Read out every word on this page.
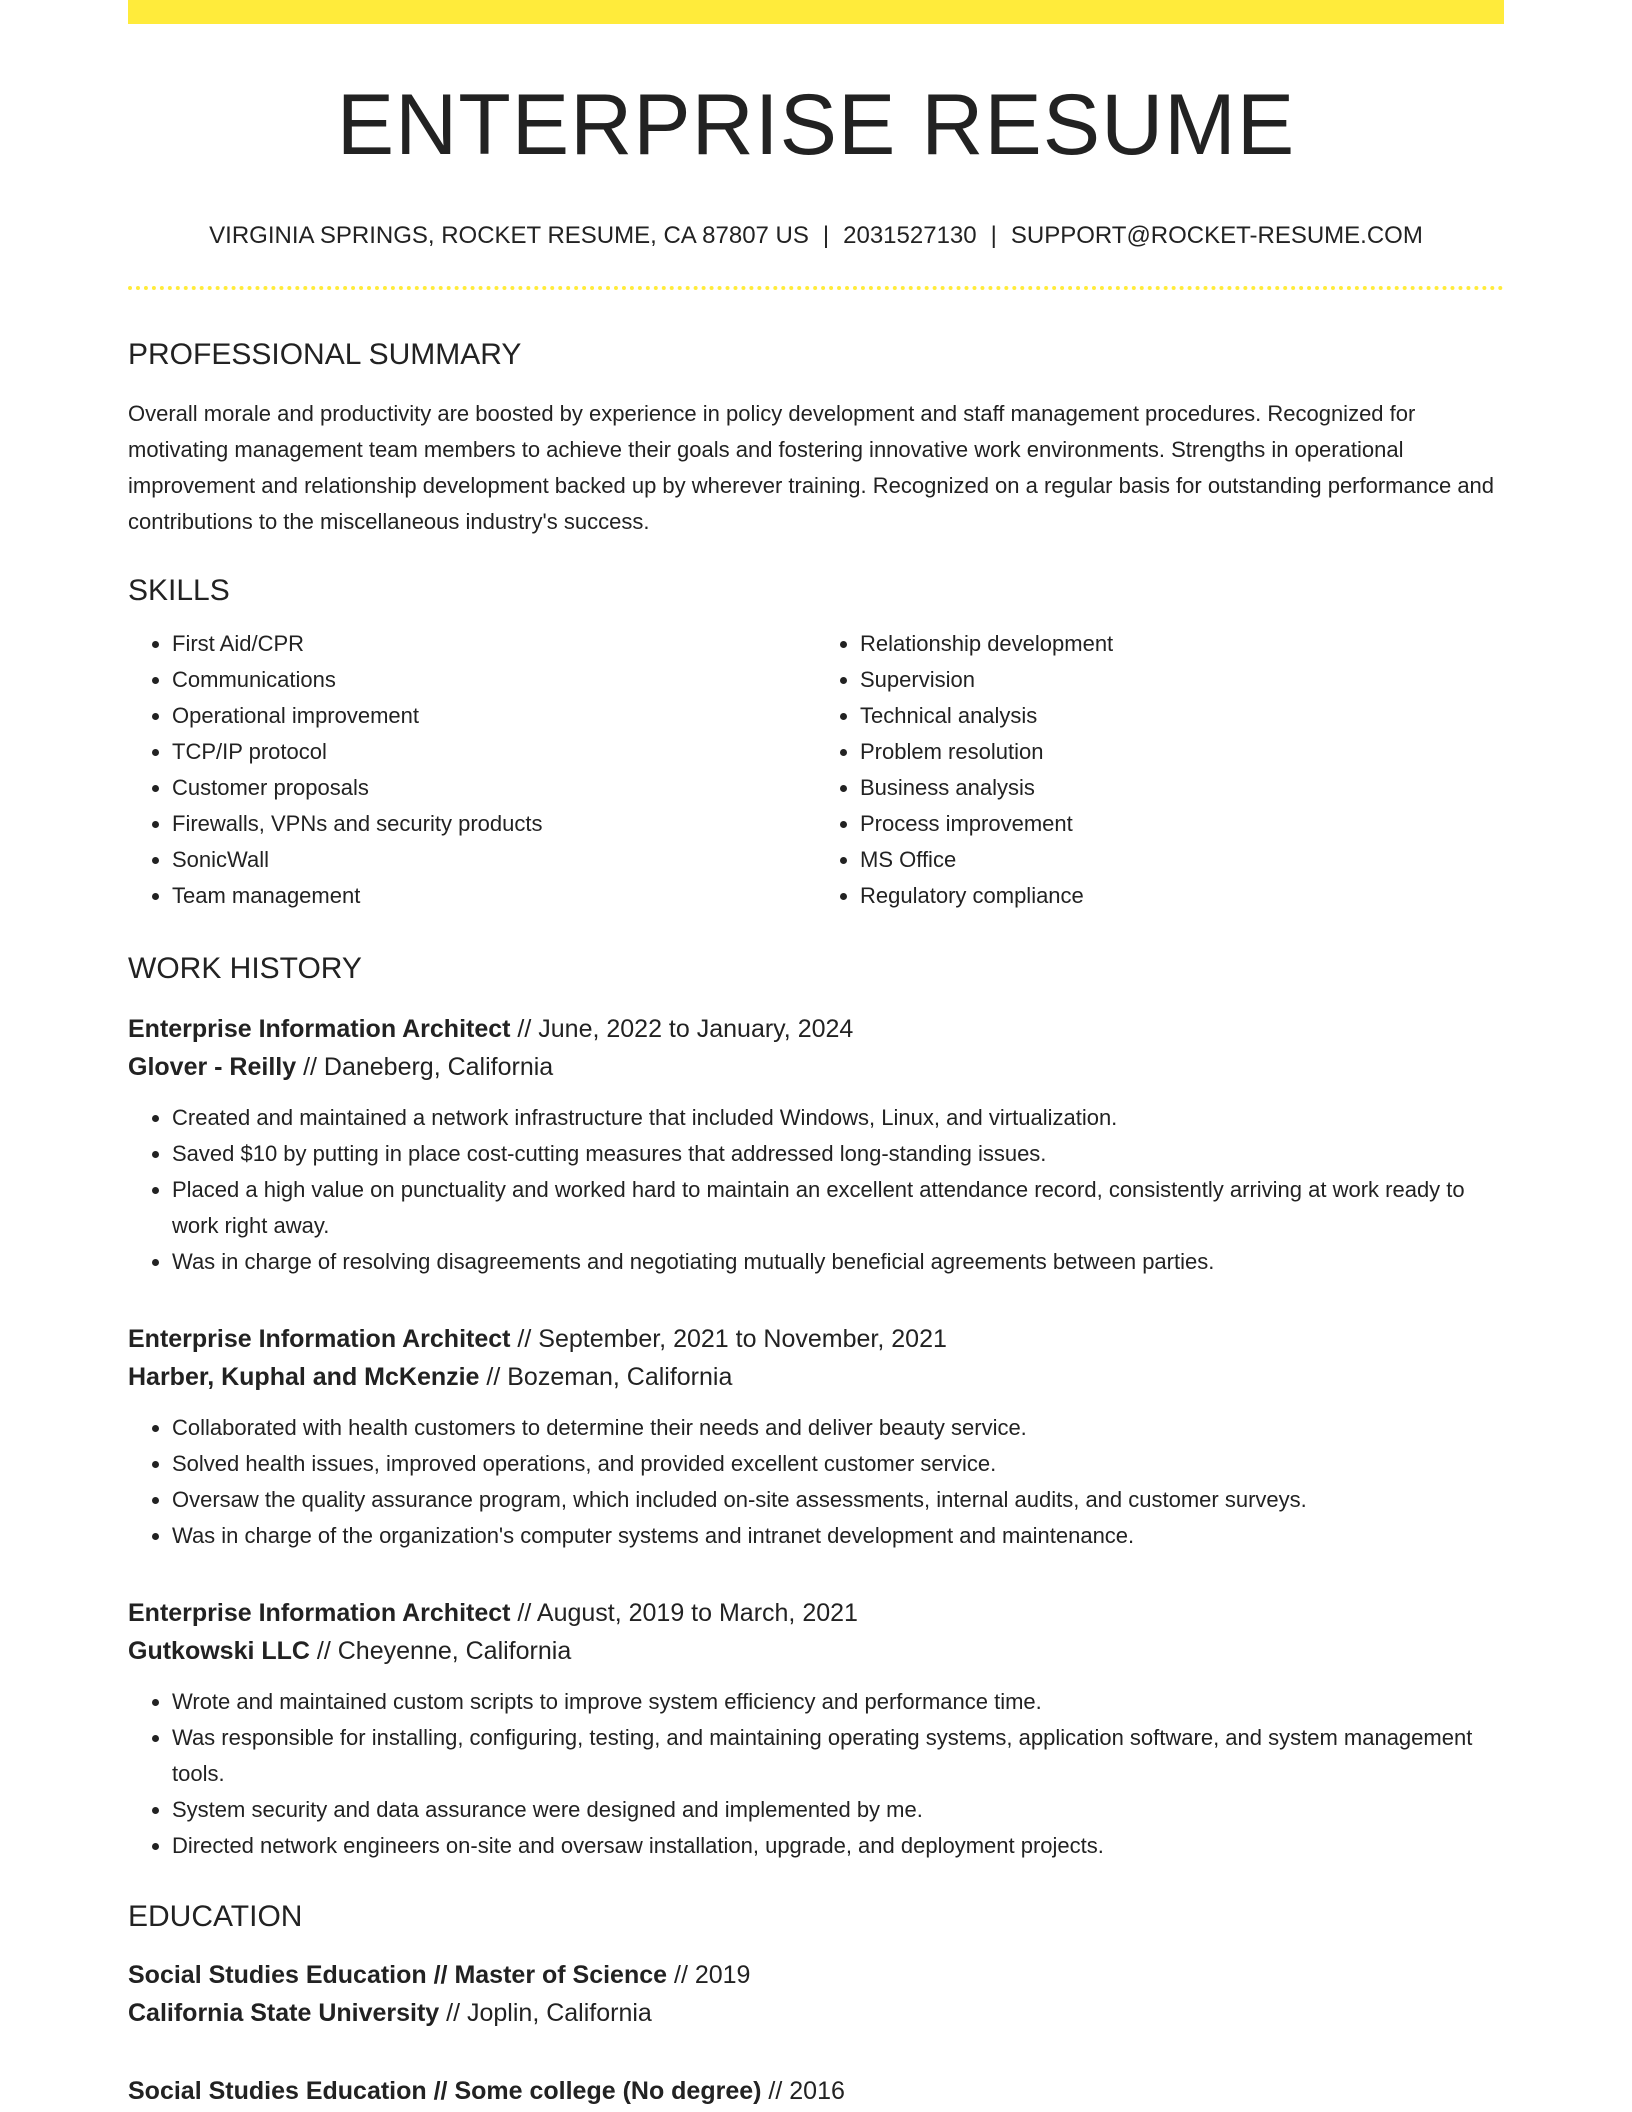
ENTERPRISE RESUME
VIRGINIA SPRINGS, ROCKET RESUME, CA 87807 US | 2031527130 | SUPPORT@ROCKET-RESUME.COM
PROFESSIONAL SUMMARY

Overall morale and productivity are boosted by experience in policy development and staff management procedures. Recognized for motivating management team members to achieve their goals and fostering innovative work environments. Strengths in operational improvement and relationship development backed up by wherever training. Recognized on a regular basis for outstanding performance and contributions to the miscellaneous industry's success.

SKILLS
• First Aid/CPR
• Communications
• Operational improvement
• TCP/IP protocol
• Customer proposals
• Firewalls, VPNs and security products
• SonicWall
• Team management
• Relationship development
• Supervision
• Technical analysis
• Problem resolution
• Business analysis
• Process improvement
• MS Office
• Regulatory compliance
WORK HISTORY
Enterprise Information Architect // June, 2022 to January, 2024
Glover - Reilly // Daneberg, California
• Created and maintained a network infrastructure that included Windows, Linux, and virtualization.
• Saved $10 by putting in place cost-cutting measures that addressed long-standing issues.
• Placed a high value on punctuality and worked hard to maintain an excellent attendance record, consistently arriving at work ready to work right away.
• Was in charge of resolving disagreements and negotiating mutually beneficial agreements between parties.
Enterprise Information Architect // September, 2021 to November, 2021
Harber, Kuphal and McKenzie // Bozeman, California
• Collaborated with health customers to determine their needs and deliver beauty service.
• Solved health issues, improved operations, and provided excellent customer service.
• Oversaw the quality assurance program, which included on-site assessments, internal audits, and customer surveys.
• Was in charge of the organization's computer systems and intranet development and maintenance.
Enterprise Information Architect // August, 2019 to March, 2021
Gutkowski LLC // Cheyenne, California
• Wrote and maintained custom scripts to improve system efficiency and performance time.
• Was responsible for installing, configuring, testing, and maintaining operating systems, application software, and system management tools.
• System security and data assurance were designed and implemented by me.
• Directed network engineers on-site and oversaw installation, upgrade, and deployment projects.
EDUCATION
Social Studies Education // Master of Science // 2019
California State University // Joplin, California
Social Studies Education // Some college (No degree) // 2016
